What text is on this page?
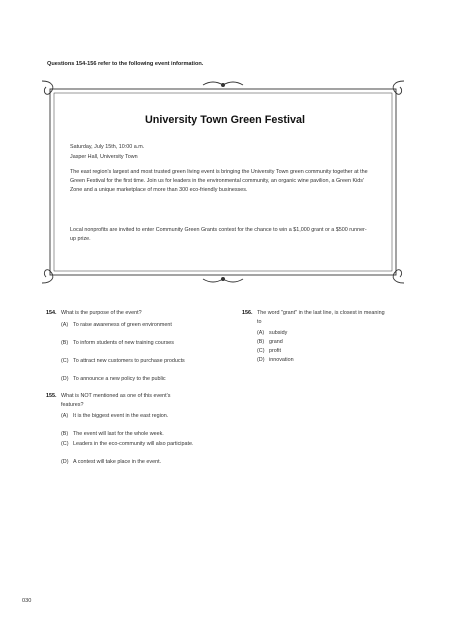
Questions 154-156 refer to the following event information.
University Town Green Festival
Saturday, July 15th, 10:00 a.m.
Jasper Hall, University Town
The east region's largest and most trusted green living event is bringing the University Town green community together at the Green Festival for the first time. Join us for leaders in the environmental community, an organic wine pavilion, a Green Kids' Zone and a unique marketplace of more than 300 eco-friendly businesses.
Local nonprofits are invited to enter Community Green Grants contest for the chance to win a $1,000 grant or a $500 runner-up prize.
154. What is the purpose of the event?
(A) To raise awareness of green environment
(B) To inform students of new training courses
(C) To attract new customers to purchase products
(D) To announce a new policy to the public
155. What is NOT mentioned as one of this event's features?
(A) It is the biggest event in the east region.
(B) The event will last for the whole week.
(C) Leaders in the eco-community will also participate.
(D) A contest will take place in the event.
156. The word "grant" in the last line, is closest in meaning to
(A) subsidy
(B) grand
(C) profit
(D) innovation
030
